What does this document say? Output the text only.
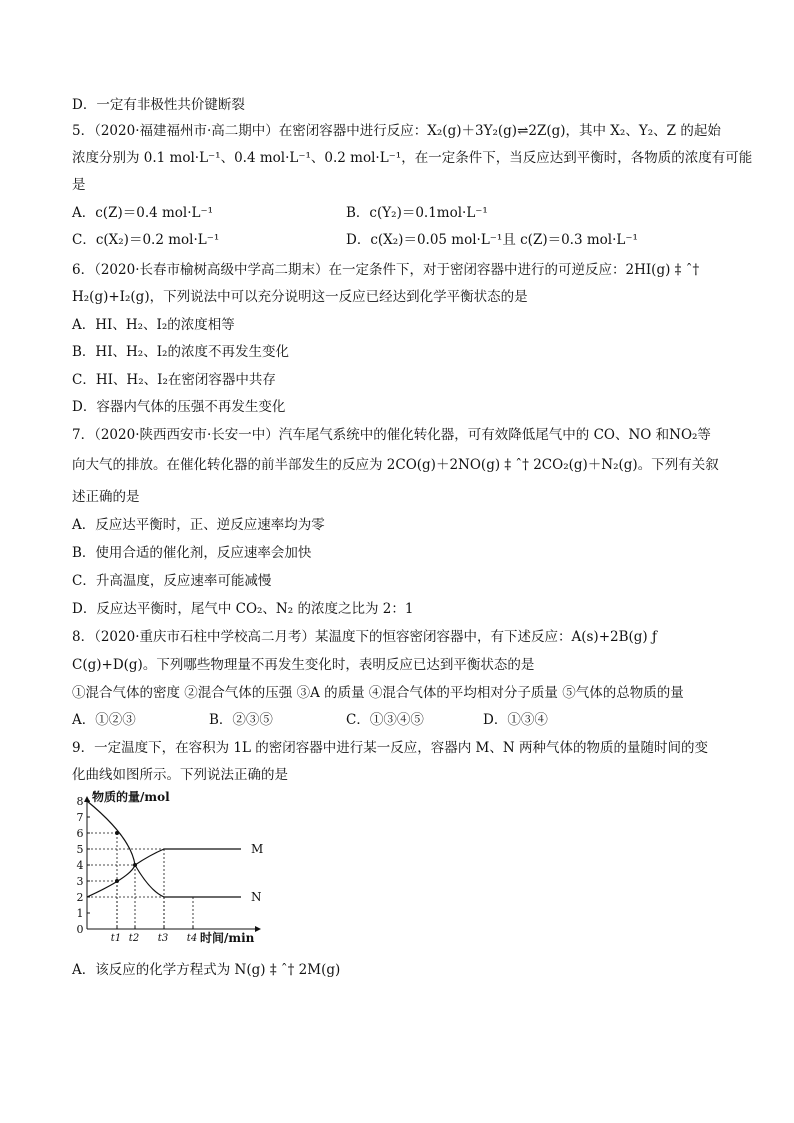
D．一定有非极性共价键断裂
5．（2020·福建福州市·高二期中）在密闭容器中进行反应：X₂(g)＋3Y₂(g)⇌2Z(g)，其中 X₂、Y₂、Z 的起始
浓度分别为 0.1 mol·L⁻¹、0.4 mol·L⁻¹、0.2 mol·L⁻¹，在一定条件下，当反应达到平衡时，各物质的浓度有可能
是
A．c(Z)＝0.4 mol·L⁻¹	B．c(Y₂)＝0.1mol·L⁻¹
C．c(X₂)＝0.2 mol·L⁻¹	D．c(X₂)＝0.05 mol·L⁻¹且 c(Z)＝0.3 mol·L⁻¹
6．（2020·长春市榆树高级中学高二期末）在一定条件下，对于密闭容器中进行的可逆反应：2HI(g) ‡ ˆ†
H₂(g)+I₂(g)，下列说法中可以充分说明这一反应已经达到化学平衡状态的是
A．HI、H₂、I₂的浓度相等
B．HI、H₂、I₂的浓度不再发生变化
C．HI、H₂、I₂在密闭容器中共存
D．容器内气体的压强不再发生变化
7．（2020·陕西西安市·长安一中）汽车尾气系统中的催化转化器，可有效降低尾气中的 CO、NO 和NO₂等
向大气的排放。在催化转化器的前半部发生的反应为 2CO(g)＋2NO(g) ‡ ˆ† 2CO₂(g)＋N₂(g)。下列有关叙
述正确的是
A．反应达平衡时，正、逆反应速率均为零
B．使用合适的催化剂，反应速率会加快
C．升高温度，反应速率可能减慢
D．反应达平衡时，尾气中 CO₂、N₂ 的浓度之比为 2：1
8．（2020·重庆市石柱中学校高二月考）某温度下的恒容密闭容器中，有下述反应：A(s)+2B(g) ƒ
C(g)+D(g)。下列哪些物理量不再发生变化时，表明反应已达到平衡状态的是
①混合气体的密度 ②混合气体的压强 ③A 的质量 ④混合气体的平均相对分子质量 ⑤气体的总物质的量
A．①②③	B．②③⑤	C．①③④⑤	D．①③④
9．一定温度下，在容积为 1L 的密闭容器中进行某一反应，容器内 M、N 两种气体的物质的量随时间的变
化曲线如图所示。下列说法正确的是
物质的量/mol
时间/min
0
1
2
3
4
5
6
7
8
t1 t2 t3 t4
M
N
A．该反应的化学方程式为 N(g) ‡ ˆ† 2M(g)
